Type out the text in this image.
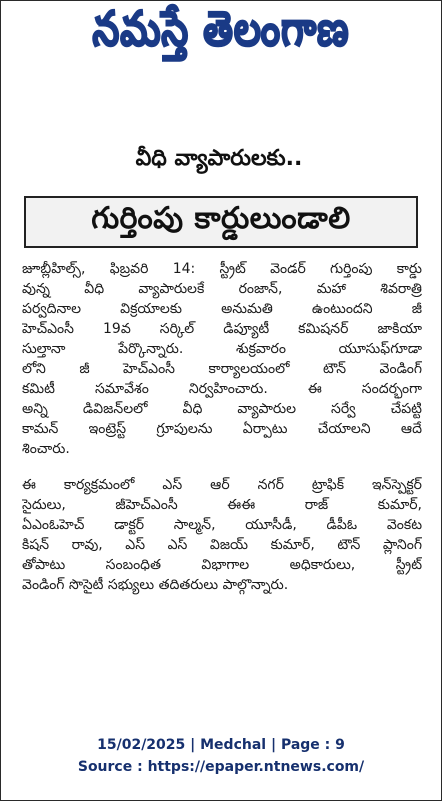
నమస్తే తెలంగాణ
వీధి వ్యాపారులకు..
గుర్తింపు కార్డులుండాలి
జూబ్లీహిల్స్, ఫిబ్రవరి 14: స్ట్రీట్ వెండర్ గుర్తింపు కార్డు
వున్న వీధి వ్యాపారులకే రంజాన్, మహా శివరాత్రి
పర్వదినాల విక్రయాలకు అనుమతి ఉంటుందని జీ
హెచ్ఎంసీ 19వ సర్కిల్ డిప్యూటీ కమిషనర్ జాకియా
సుల్తానా పేర్కొన్నారు. శుక్రవారం యూసుఫ్‌గూడా
లోని జీ హెచ్ఎంసీ కార్యాలయంలో టౌన్ వెండింగ్
కమిటీ సమావేశం నిర్వహించారు. ఈ సందర్భంగా
అన్ని డివిజన్‌లలో వీధి వ్యాపారుల సర్వే చేపట్టి
కామన్ ఇంట్రెస్ట్ గ్రూపులను ఏర్పాటు చేయాలని ఆదే
శించారు.
ఈ కార్యక్రమంలో ఎస్ ఆర్ నగర్ ట్రాఫిక్ ఇన్‌స్పెక్టర్
సైదులు, జీహెచ్ఎంసీ ఈఈ రాజ్ కుమార్,
ఏఎంఓహెచ్ డాక్టర్ సాల్మన్, యూసీడీ, డీపీఓ వెంకట
కిషన్ రావు, ఎస్ ఎస్ విజయ్ కుమార్, టౌన్ ప్లానింగ్
తోపాటు సంబంధిత విభాగాల అధికారులు, స్ట్రీట్
వెండింగ్ సొసైటీ సభ్యులు తదితరులు పాల్గొన్నారు.
15/02/2025 | Medchal | Page : 9
Source : https://epaper.ntnews.com/
